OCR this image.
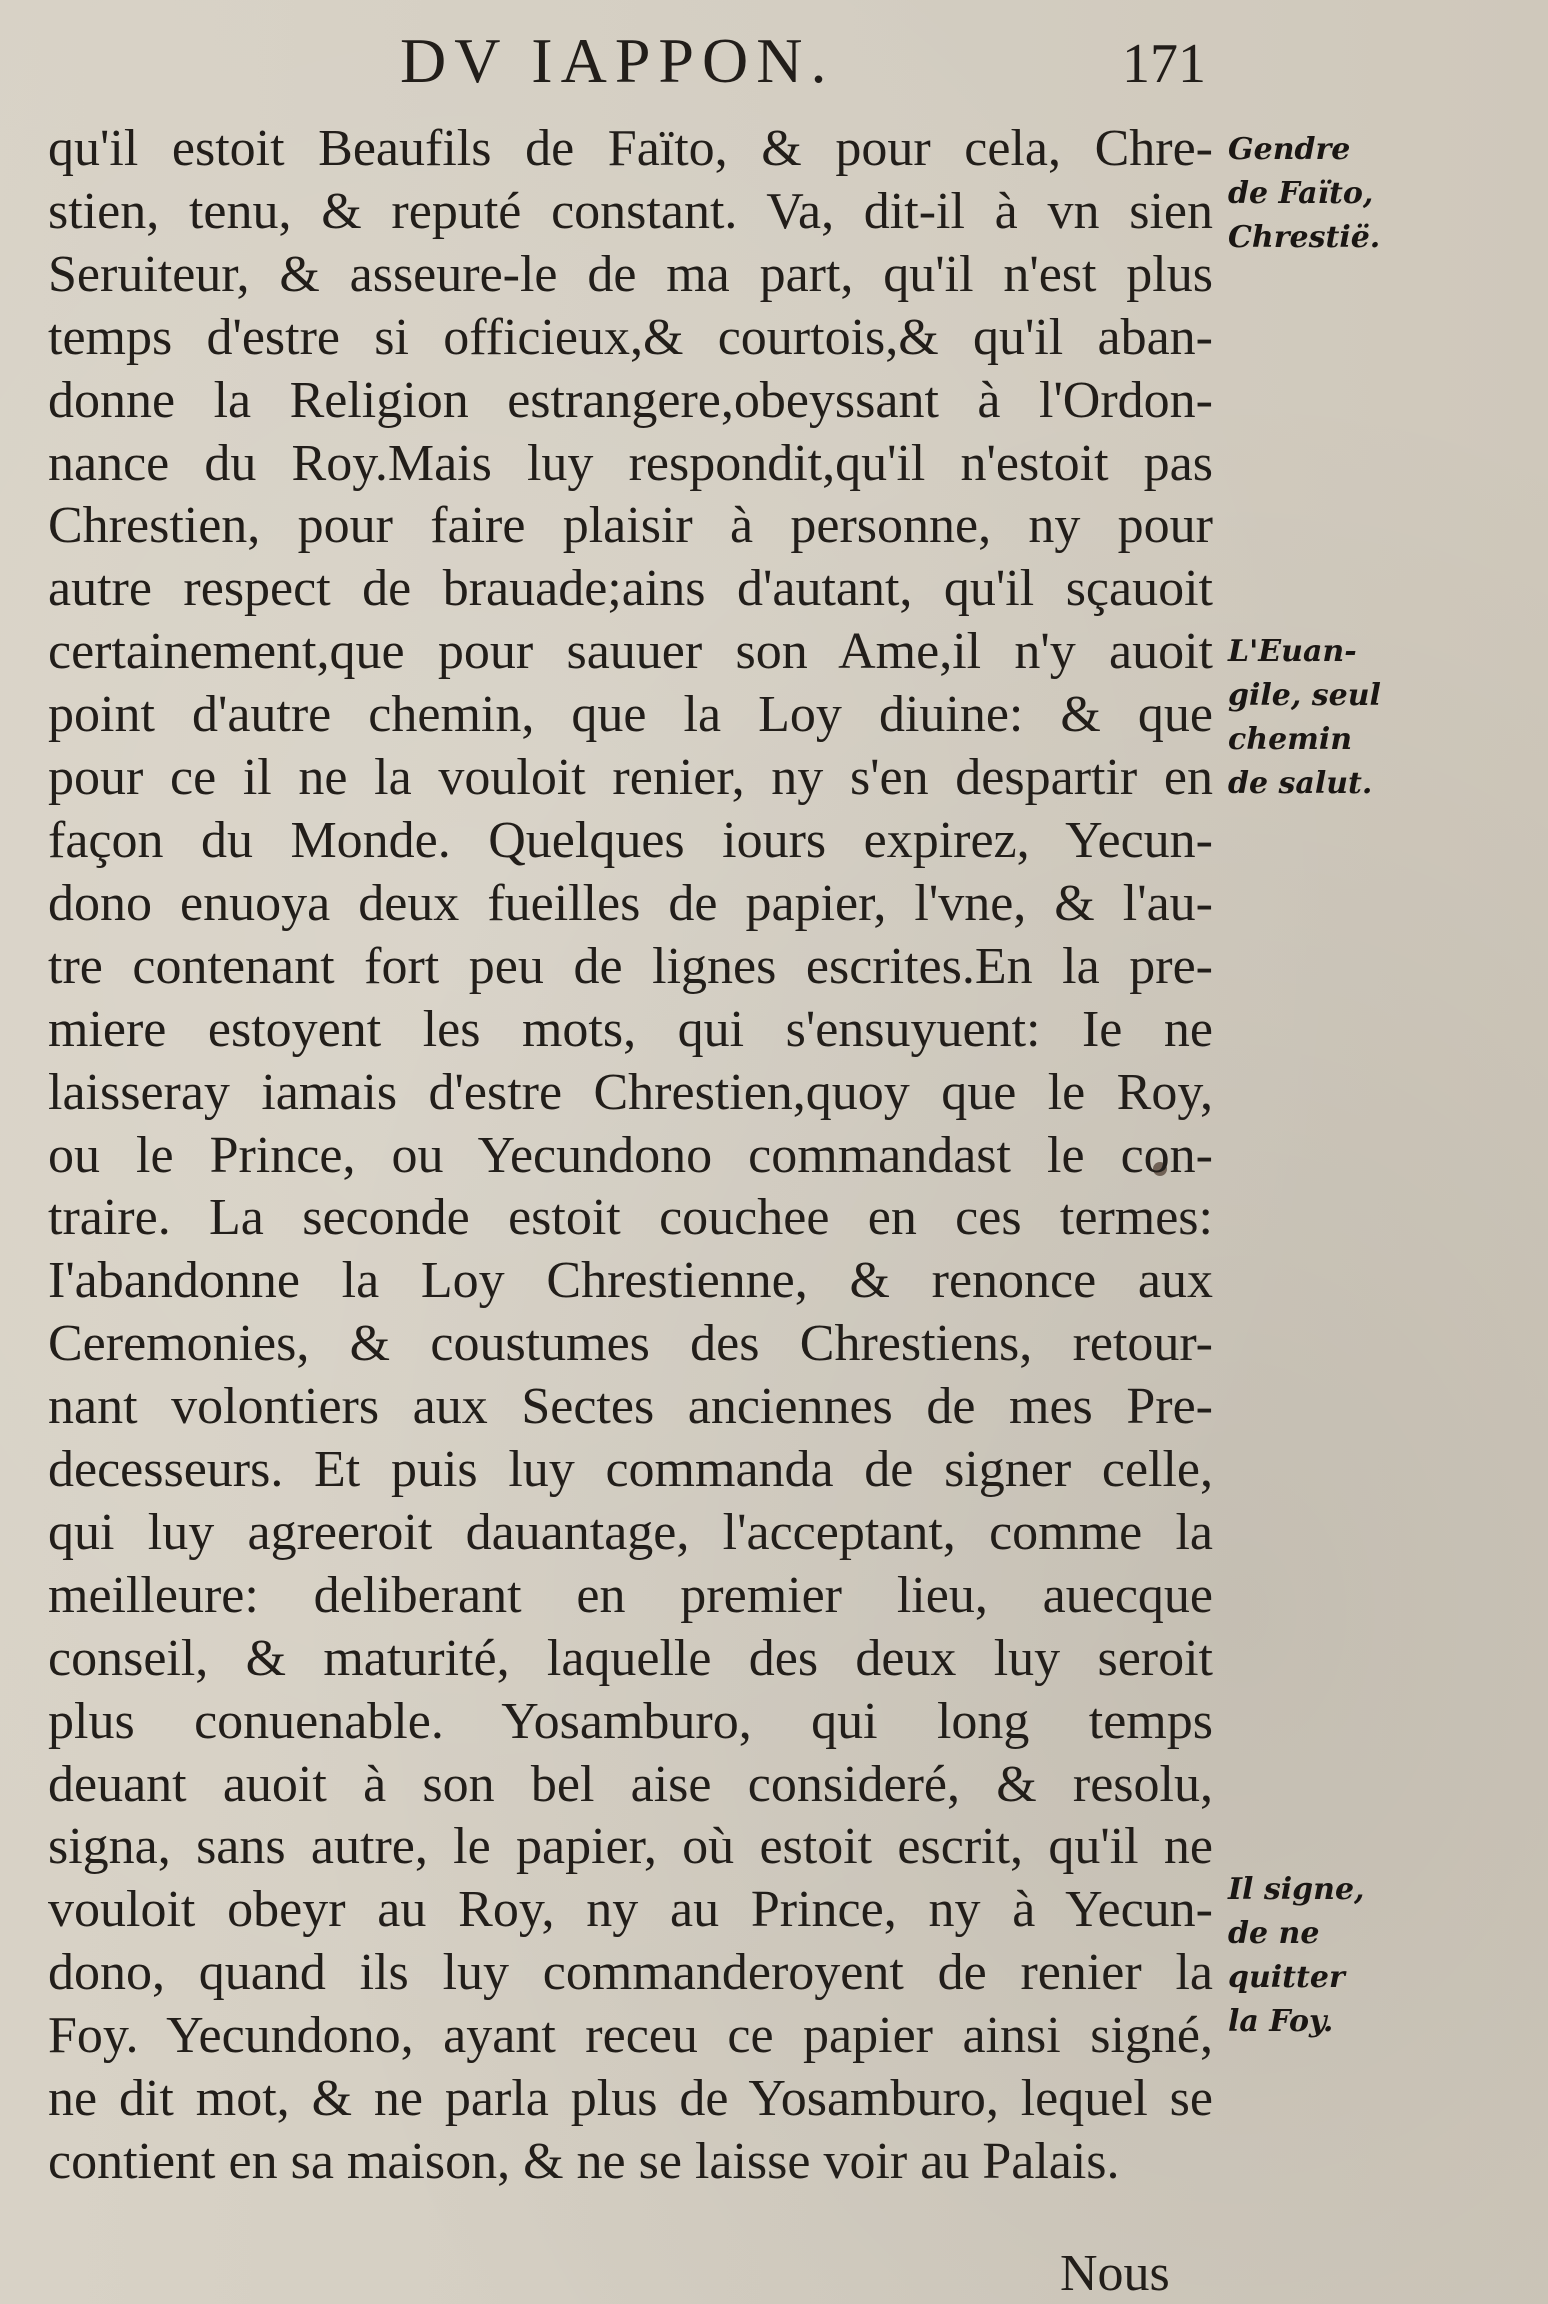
DV IAPPON.	171
qu'il estoit Beaufils de Faïto, & pour cela, Chre-
stien, tenu, & reputé constant. Va, dit-il à vn sien
Seruiteur, & asseure-le de ma part, qu'il n'est plus
temps d'estre si officieux,& courtois,& qu'il aban-
donne la Religion estrangere,obeyssant à l'Ordon-
nance du Roy.Mais luy respondit,qu'il n'estoit pas
Chrestien, pour faire plaisir à personne, ny pour
autre respect de brauade;ains d'autant, qu'il sçauoit
certainement,que pour sauuer son Ame,il n'y auoit
point d'autre chemin, que la Loy diuine: & que
pour ce il ne la vouloit renier, ny s'en despartir en
façon du Monde. Quelques iours expirez, Yecun-
dono enuoya deux fueilles de papier, l'vne, & l'au-
tre contenant fort peu de lignes escrites.En la pre-
miere estoyent les mots, qui s'ensuyuent: Ie ne
laisseray iamais d'estre Chrestien,quoy que le Roy,
ou le Prince, ou Yecundono commandast le con-
traire. La seconde estoit couchee en ces termes:
I'abandonne la Loy Chrestienne, & renonce aux
Ceremonies, & coustumes des Chrestiens, retour-
nant volontiers aux Sectes anciennes de mes Pre-
decesseurs. Et puis luy commanda de signer celle,
qui luy agreeroit dauantage, l'acceptant, comme la
meilleure: deliberant en premier lieu, auecque
conseil, & maturité, laquelle des deux luy seroit
plus conuenable. Yosamburo, qui long temps
deuant auoit à son bel aise consideré, & resolu,
signa, sans autre, le papier, où estoit escrit, qu'il ne
vouloit obeyr au Roy, ny au Prince, ny à Yecun-
dono, quand ils luy commanderoyent de renier la
Foy. Yecundono, ayant receu ce papier ainsi signé,
ne dit mot, & ne parla plus de Yosamburo, lequel se
contient en sa maison, & ne se laisse voir au Palais.
Nous
Gendre
de Faïto,
Chrestië.
L'Euan-
gile, seul
chemin
de salut.
Il signe,
de ne
quitter
la Foy.
